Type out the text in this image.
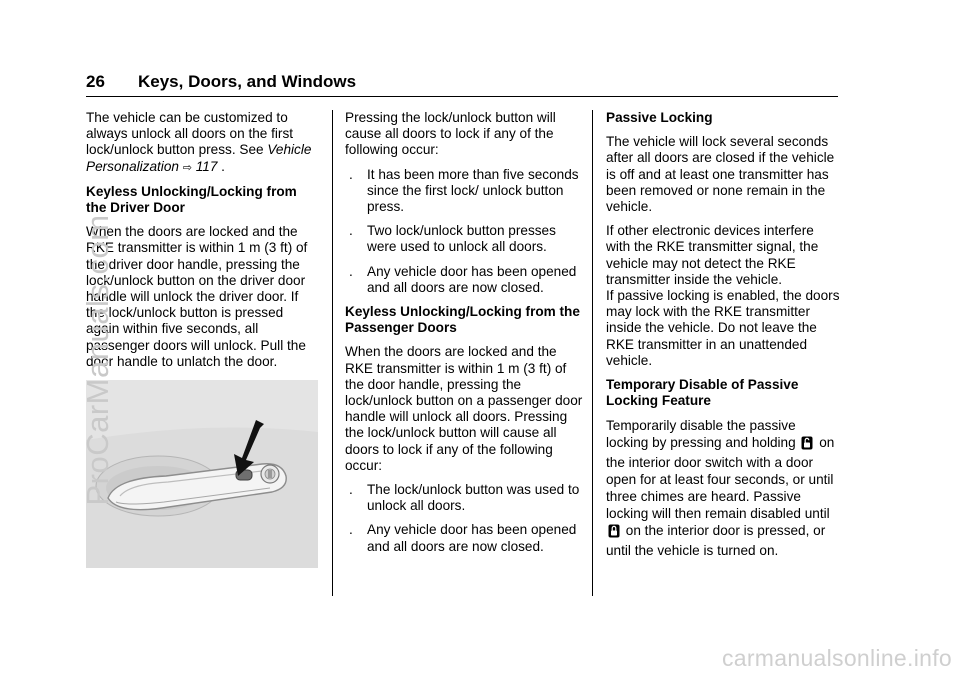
26 Keys, Doors, and Windows

The vehicle can be customized to always unlock all doors on the first lock/unlock button press. See Vehicle Personalization ⇨ 117 .

Keyless Unlocking/Locking from the Driver Door

When the doors are locked and the RKE transmitter is within 1 m (3 ft) of the driver door handle, pressing the lock/unlock button on the driver door handle will unlock the driver door. If the lock/unlock button is pressed again within five seconds, all passenger doors will unlock. Pull the door handle to unlatch the door.

Pressing the lock/unlock button will cause all doors to lock if any of the following occur:

. It has been more than five seconds since the first lock/ unlock button press.
. Two lock/unlock button presses were used to unlock all doors.
. Any vehicle door has been opened and all doors are now closed.
Keyless Unlocking/Locking from the Passenger Doors

When the doors are locked and the RKE transmitter is within 1 m (3 ft) of the door handle, pressing the lock/unlock button on a passenger door handle will unlock all doors. Pressing the lock/unlock button will cause all doors to lock if any of the following occur:

. The lock/unlock button was used to unlock all doors.
. Any vehicle door has been opened and all doors are now closed.
Passive Locking

The vehicle will lock several seconds after all doors are closed if the vehicle is off and at least one transmitter has been removed or none remain in the vehicle.

If other electronic devices interfere with the RKE transmitter signal, the vehicle may not detect the RKE transmitter inside the vehicle.

If passive locking is enabled, the doors may lock with the RKE transmitter inside the vehicle. Do not leave the RKE transmitter in an unattended vehicle.

Temporary Disable of Passive Locking Feature

Temporarily disable the passive locking by pressing and holding on the interior door switch with a door open for at least four seconds, or until three chimes are heard. Passive locking will then remain disabled until  on the interior door is pressed, or until the vehicle is turned on.

ProCarManuals.com
carmanualsonline.info
